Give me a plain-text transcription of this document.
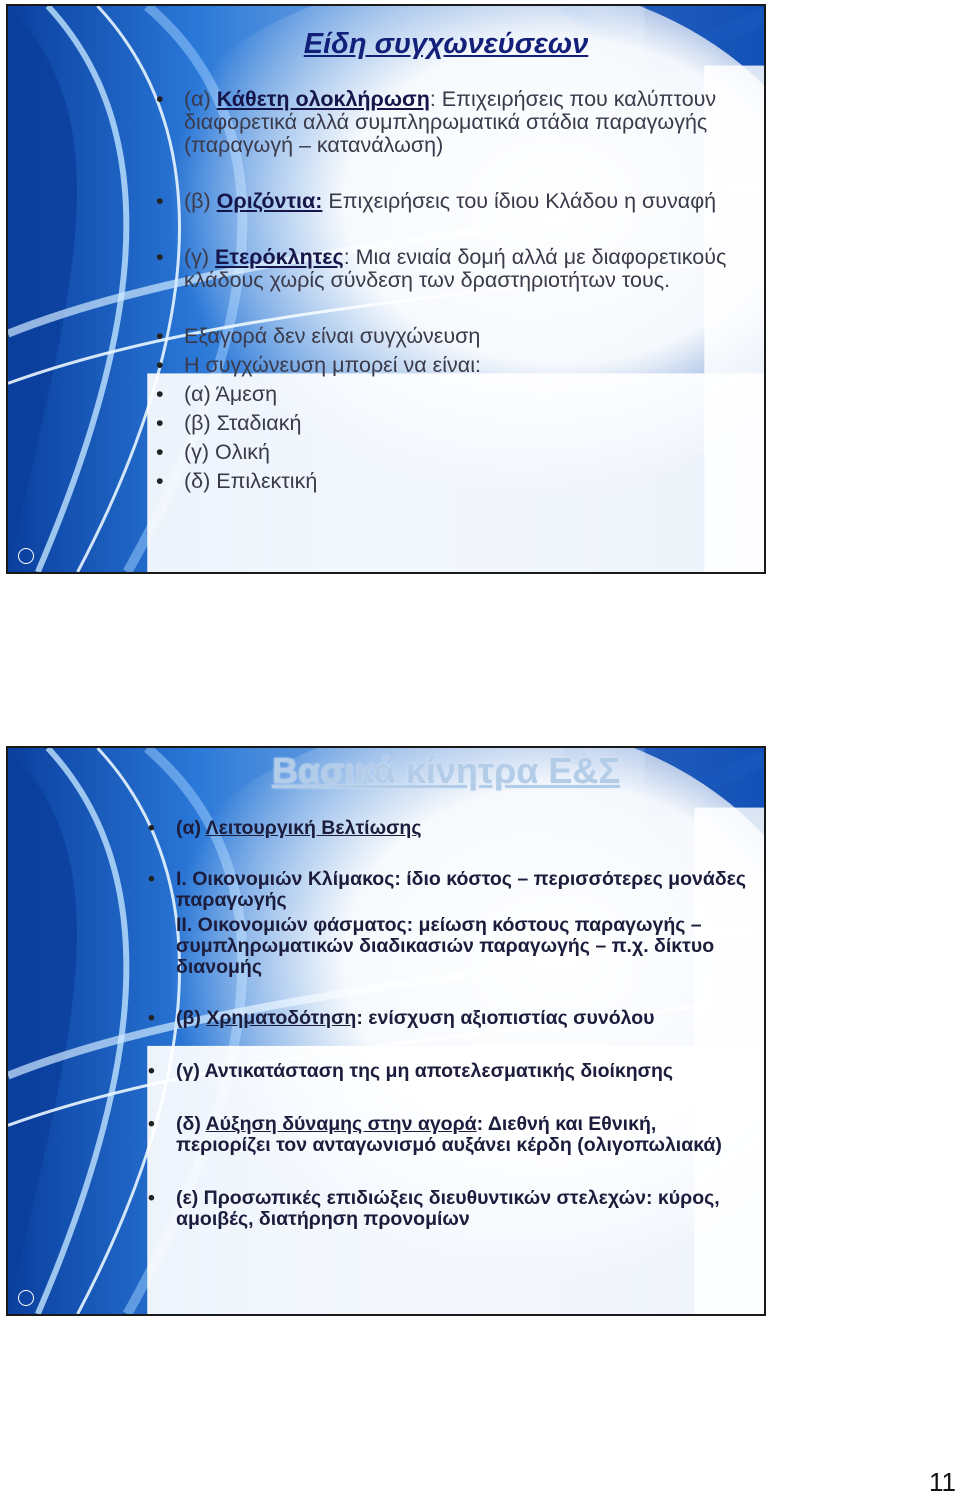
Είδη συγχωνεύσεων
• (α) Κάθετη ολοκλήρωση: Επιχειρήσεις που καλύπτουν διαφορετικά αλλά συμπληρωματικά στάδια παραγωγής (παραγωγή – κατανάλωση)
• (β) Οριζόντια: Επιχειρήσεις του ίδιου Κλάδου η συναφή
• (γ) Ετερόκλητες: Μια ενιαία δομή αλλά με διαφορετικούς κλάδους χωρίς σύνδεση των δραστηριοτήτων τους.
• Εξαγορά δεν είναι συγχώνευση
• Η συγχώνευση μπορεί να είναι:
• (α) Άμεση
• (β) Σταδιακή
• (γ) Ολική
• (δ) Επιλεκτική
Βασικά κίνητρα Ε&Σ
• (α) Λειτουργική Βελτίωσης
• Ι. Οικονομιών Κλίμακος: ίδιο κόστος – περισσότερες μονάδες παραγωγής
ΙΙ. Οικονομιών φάσματος: μείωση κόστους παραγωγής – συμπληρωματικών διαδικασιών παραγωγής – π.χ. δίκτυο διανομής
• (β) Χρηματοδότηση: ενίσχυση αξιοπιστίας συνόλου
• (γ) Αντικατάσταση της μη αποτελεσματικής διοίκησης
• (δ) Αύξηση δύναμης στην αγορά: Διεθνή και Εθνική, περιορίζει τον ανταγωνισμό αυξάνει κέρδη (ολιγοπωλιακά)
• (ε) Προσωπικές επιδιώξεις διευθυντικών στελεχών: κύρος, αμοιβές, διατήρηση προνομίων
11
